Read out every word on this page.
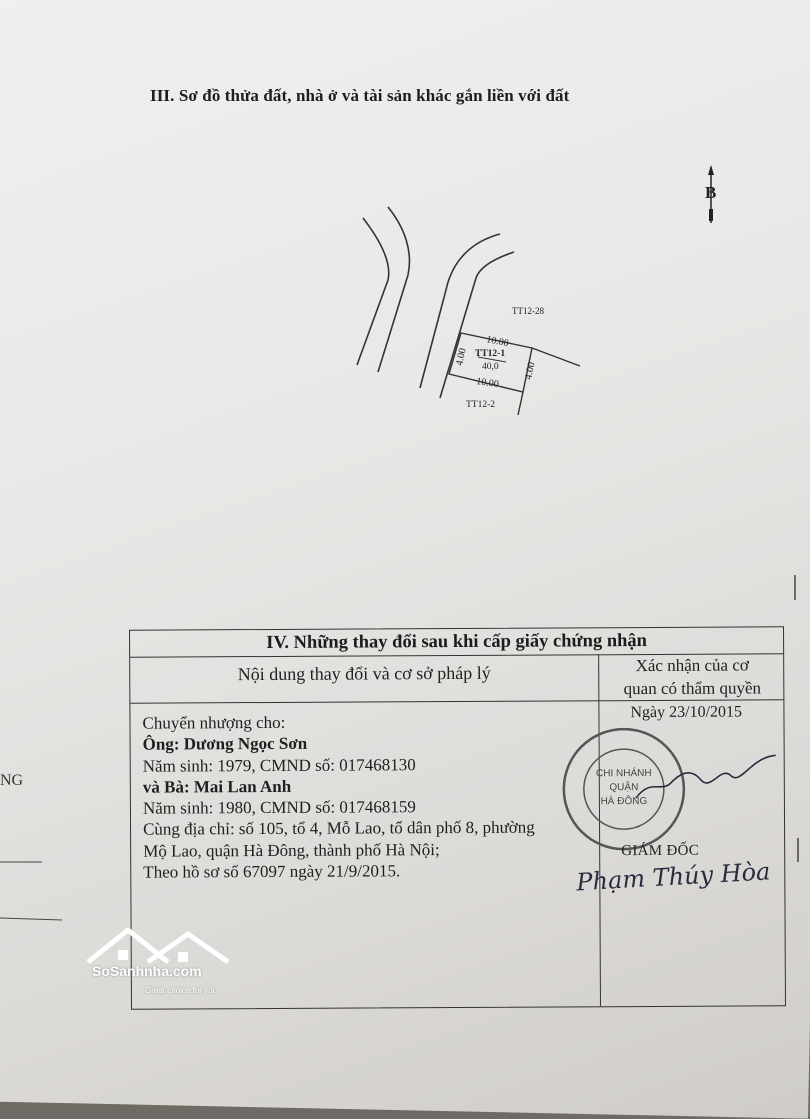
III. Sơ đồ thửa đất, nhà ở và tài sản khác gắn liền với đất
B
TT12-28
10.00
TT12-1
40,0
4.00
4.00
10.00
TT12-2
NG
IV. Những thay đổi sau khi cấp giấy chứng nhận
Nội dung thay đổi và cơ sở pháp lý	Xác nhận của cơ
quan có thẩm quyền
Chuyển nhượng cho:
Ông: Dương Ngọc Sơn
Năm sinh: 1979, CMND số: 017468130
và Bà: Mai Lan Anh
Năm sinh: 1980, CMND số: 017468159
Cùng địa chỉ: số 105, tổ 4, Mỗ Lao, tổ dân phố 8, phường
Mộ Lao, quận Hà Đông, thành phố Hà Nội;
Theo hồ sơ số 67097 ngày 21/9/2015.
Ngày 23/10/2015
CHI NHÁNH
QUẬN
HÀ ĐÔNG
GIÁM ĐỐC
Phạm Thúy Hòa
SoSanhnha.com
Great choice for you
